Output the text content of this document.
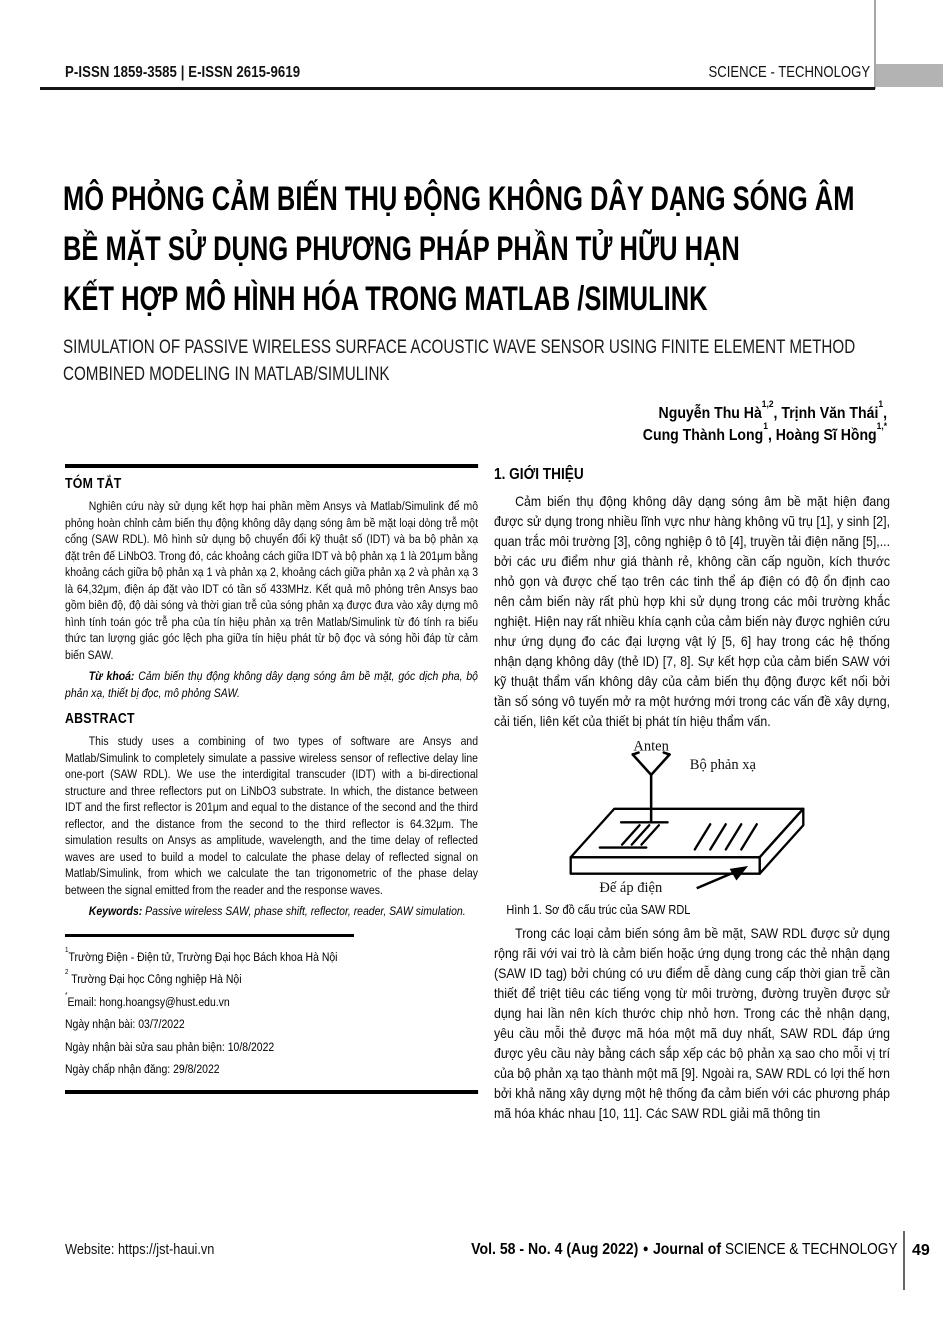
P-ISSN 1859-3585 | E-ISSN 2615-9619	SCIENCE - TECHNOLOGY
MÔ PHỎNG CẢM BIẾN THỤ ĐỘNG KHÔNG DÂY DẠNG SÓNG ÂM
BỀ MẶT SỬ DỤNG PHƯƠNG PHÁP PHẦN TỬ HỮU HẠN
KẾT HỢP MÔ HÌNH HÓA TRONG MATLAB /SIMULINK
SIMULATION OF PASSIVE WIRELESS SURFACE ACOUSTIC WAVE SENSOR USING FINITE ELEMENT METHOD
COMBINED MODELING IN MATLAB/SIMULINK
Nguyễn Thu Hà$^{1,2}$, Trịnh Văn Thái$^1$,
Cung Thành Long$^1$, Hoàng Sĩ Hồng$^{1,*}$
TÓM TẮT

Nghiên cứu này sử dụng kết hợp hai phần mềm Ansys và Matlab/Simulink để mô phỏng hoàn chỉnh cảm biến thụ động không dây dạng sóng âm bề mặt loại dòng trễ một cổng (SAW RDL). Mô hình sử dụng bộ chuyển đổi kỹ thuật số (IDT) và ba bộ phản xạ đặt trên đế LiNbO3. Trong đó, các khoảng cách giữa IDT và bộ phản xạ 1 là 201μm bằng khoảng cách giữa bộ phản xạ 1 và phản xạ 2, khoảng cách giữa phản xạ 2 và phản xạ 3 là 64,32μm, điện áp đặt vào IDT có tần số 433MHz. Kết quả mô phỏng trên Ansys bao gồm biên độ, độ dài sóng và thời gian trễ của sóng phản xạ được đưa vào xây dựng mô hình tính toán góc trễ pha của tín hiệu phản xạ trên Matlab/Simulink từ đó tính ra biểu thức tan lượng giác góc lệch pha giữa tín hiệu phát từ bộ đọc và sóng hồi đáp từ cảm biến SAW.

Từ khoá: Cảm biến thụ động không dây dạng sóng âm bề mặt, góc dịch pha, bộ phản xạ, thiết bị đọc, mô phỏng SAW.

ABSTRACT

This study uses a combining of two types of software are Ansys and Matlab/Simulink to completely simulate a passive wireless sensor of reflective delay line one-port (SAW RDL). We use the interdigital transcuder (IDT) with a bi-directional structure and three reflectors put on LiNbO3 substrate. In which, the distance between IDT and the first reflector is 201μm and equal to the distance of the second and the third reflector, and the distance from the second to the third reflector is 64.32μm. The simulation results on Ansys as amplitude, wavelength, and the time delay of reflected waves are used to build a model to calculate the phase delay of reflected signal on Matlab/Simulink, from which we calculate the tan trigonometric of the phase delay between the signal emitted from the reader and the response waves.

Keywords: Passive wireless SAW, phase shift, reflector, reader, SAW simulation.

$^1$Trường Điện - Điện tử, Trường Đại học Bách khoa Hà Nội
$^2$ Trường Đại học Công nghiệp Hà Nội
*Email: hong.hoangsy@hust.edu.vn
Ngày nhận bài: 03/7/2022
Ngày nhận bài sửa sau phản biện: 10/8/2022
Ngày chấp nhận đăng: 29/8/2022
1. GIỚI THIỆU

Cảm biến thụ động không dây dạng sóng âm bề mặt hiện đang được sử dụng trong nhiều lĩnh vực như hàng không vũ trụ [1], y sinh [2], quan trắc môi trường [3], công nghiệp ô tô [4], truyền tải điện năng [5],... bởi các ưu điểm như giá thành rẻ, không cần cấp nguồn, kích thước nhỏ gọn và được chế tạo trên các tinh thể áp điện có độ ổn định cao nên cảm biến này rất phù hợp khi sử dụng trong các môi trường khắc nghiệt. Hiện nay rất nhiều khía cạnh của cảm biến này được nghiên cứu như ứng dụng đo các đại lượng vật lý [5, 6] hay trong các hệ thống nhận dạng không dây (thẻ ID) [7, 8]. Sự kết hợp của cảm biến SAW với kỹ thuật thẩm vấn không dây của cảm biến thụ động được kết nối bởi tần số sóng vô tuyến mở ra một hướng mới trong các vấn đề xây dựng, cải tiến, liên kết của thiết bị phát tín hiệu thẩm vấn.

Anten
Bộ phản xạ
Đế áp điện
Hình 1. Sơ đồ cấu trúc của SAW RDL

Trong các loại cảm biến sóng âm bề mặt, SAW RDL được sử dụng rộng rãi với vai trò là cảm biến hoặc ứng dụng trong các thẻ nhận dạng (SAW ID tag) bởi chúng có ưu điểm dễ dàng cung cấp thời gian trễ cần thiết để triệt tiêu các tiếng vọng từ môi trường, đường truyền được sử dụng hai lần nên kích thước chip nhỏ hơn. Trong các thẻ nhận dạng, yêu cầu mỗi thẻ được mã hóa một mã duy nhất, SAW RDL đáp ứng được yêu cầu này bằng cách sắp xếp các bộ phản xạ sao cho mỗi vị trí của bộ phản xạ tạo thành một mã [9]. Ngoài ra, SAW RDL có lợi thế hơn bởi khả năng xây dựng một hệ thống đa cảm biến với các phương pháp mã hóa khác nhau [10, 11]. Các SAW RDL giải mã thông tin

Website: https://jst-haui.vn	Vol. 58 - No. 4 (Aug 2022) ● Journal of SCIENCE & TECHNOLOGY 49
